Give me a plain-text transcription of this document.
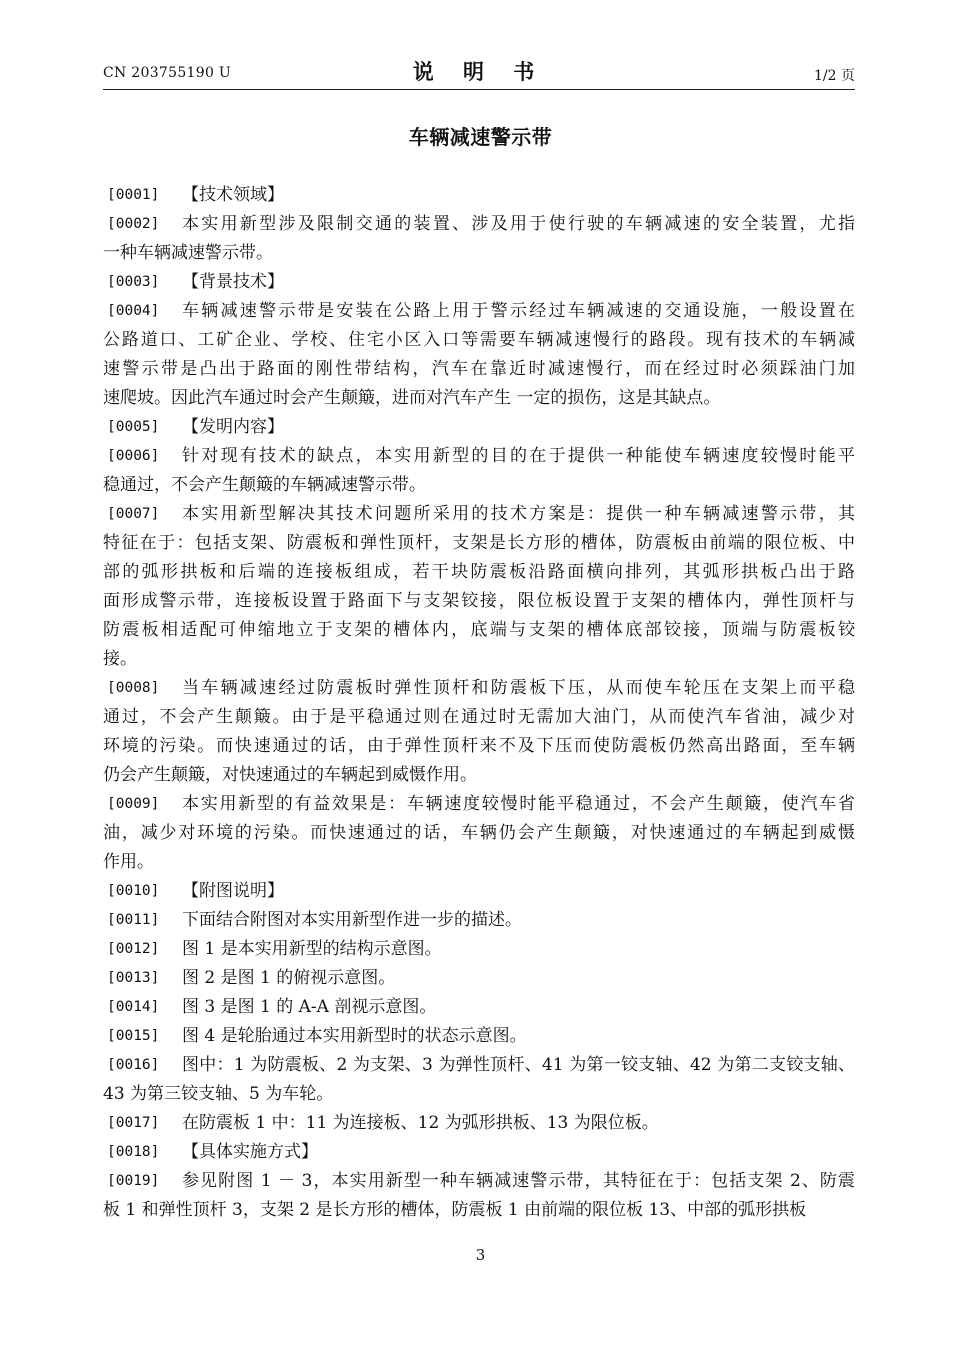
CN 203755190 U	说 明 书	1/2 页
车辆减速警示带
[0001]	【技术领域】
[0002]	本实用新型涉及限制交通的装置、涉及用于使行驶的车辆减速的安全装置，尤指
一种车辆减速警示带。
[0003]	【背景技术】
[0004]	车辆减速警示带是安装在公路上用于警示经过车辆减速的交通设施，一般设置在
公路道口、工矿企业、学校、住宅小区入口等需要车辆减速慢行的路段。现有技术的车辆减
速警示带是凸出于路面的刚性带结构，汽车在靠近时减速慢行，而在经过时必须踩油门加
速爬坡。因此汽车通过时会产生颠簸，进而对汽车产生 一定的损伤，这是其缺点。
[0005]	【发明内容】
[0006]	针对现有技术的缺点，本实用新型的目的在于提供一种能使车辆速度较慢时能平
稳通过，不会产生颠簸的车辆减速警示带。
[0007]	本实用新型解决其技术问题所采用的技术方案是：提供一种车辆减速警示带，其
特征在于：包括支架、防震板和弹性顶杆，支架是长方形的槽体，防震板由前端的限位板、中
部的弧形拱板和后端的连接板组成，若干块防震板沿路面横向排列，其弧形拱板凸出于路
面形成警示带，连接板设置于路面下与支架铰接，限位板设置于支架的槽体内，弹性顶杆与
防震板相适配可伸缩地立于支架的槽体内，底端与支架的槽体底部铰接，顶端与防震板铰
接。
[0008]	当车辆减速经过防震板时弹性顶杆和防震板下压，从而使车轮压在支架上而平稳
通过，不会产生颠簸。由于是平稳通过则在通过时无需加大油门，从而使汽车省油，减少对
环境的污染。而快速通过的话，由于弹性顶杆来不及下压而使防震板仍然高出路面，至车辆
仍会产生颠簸，对快速通过的车辆起到威慑作用。
[0009]	本实用新型的有益效果是：车辆速度较慢时能平稳通过，不会产生颠簸，使汽车省
油，减少对环境的污染。而快速通过的话，车辆仍会产生颠簸，对快速通过的车辆起到威慑
作用。
[0010]	【附图说明】
[0011]	下面结合附图对本实用新型作进一步的描述。
[0012]	图 1 是本实用新型的结构示意图。
[0013]	图 2 是图 1 的俯视示意图。
[0014]	图 3 是图 1 的 A-A 剖视示意图。
[0015]	图 4 是轮胎通过本实用新型时的状态示意图。
[0016]	图中：1 为防震板、2 为支架、3 为弹性顶杆、41 为第一铰支轴、42 为第二支铰支轴、
43 为第三铰支轴、5 为车轮。
[0017]	在防震板 1 中：11 为连接板、12 为弧形拱板、13 为限位板。
[0018]	【具体实施方式】
[0019]	参见附图 1 － 3，本实用新型一种车辆减速警示带，其特征在于：包括支架 2、防震
板 1 和弹性顶杆 3，支架 2 是长方形的槽体，防震板 1 由前端的限位板 13、中部的弧形拱板
3
